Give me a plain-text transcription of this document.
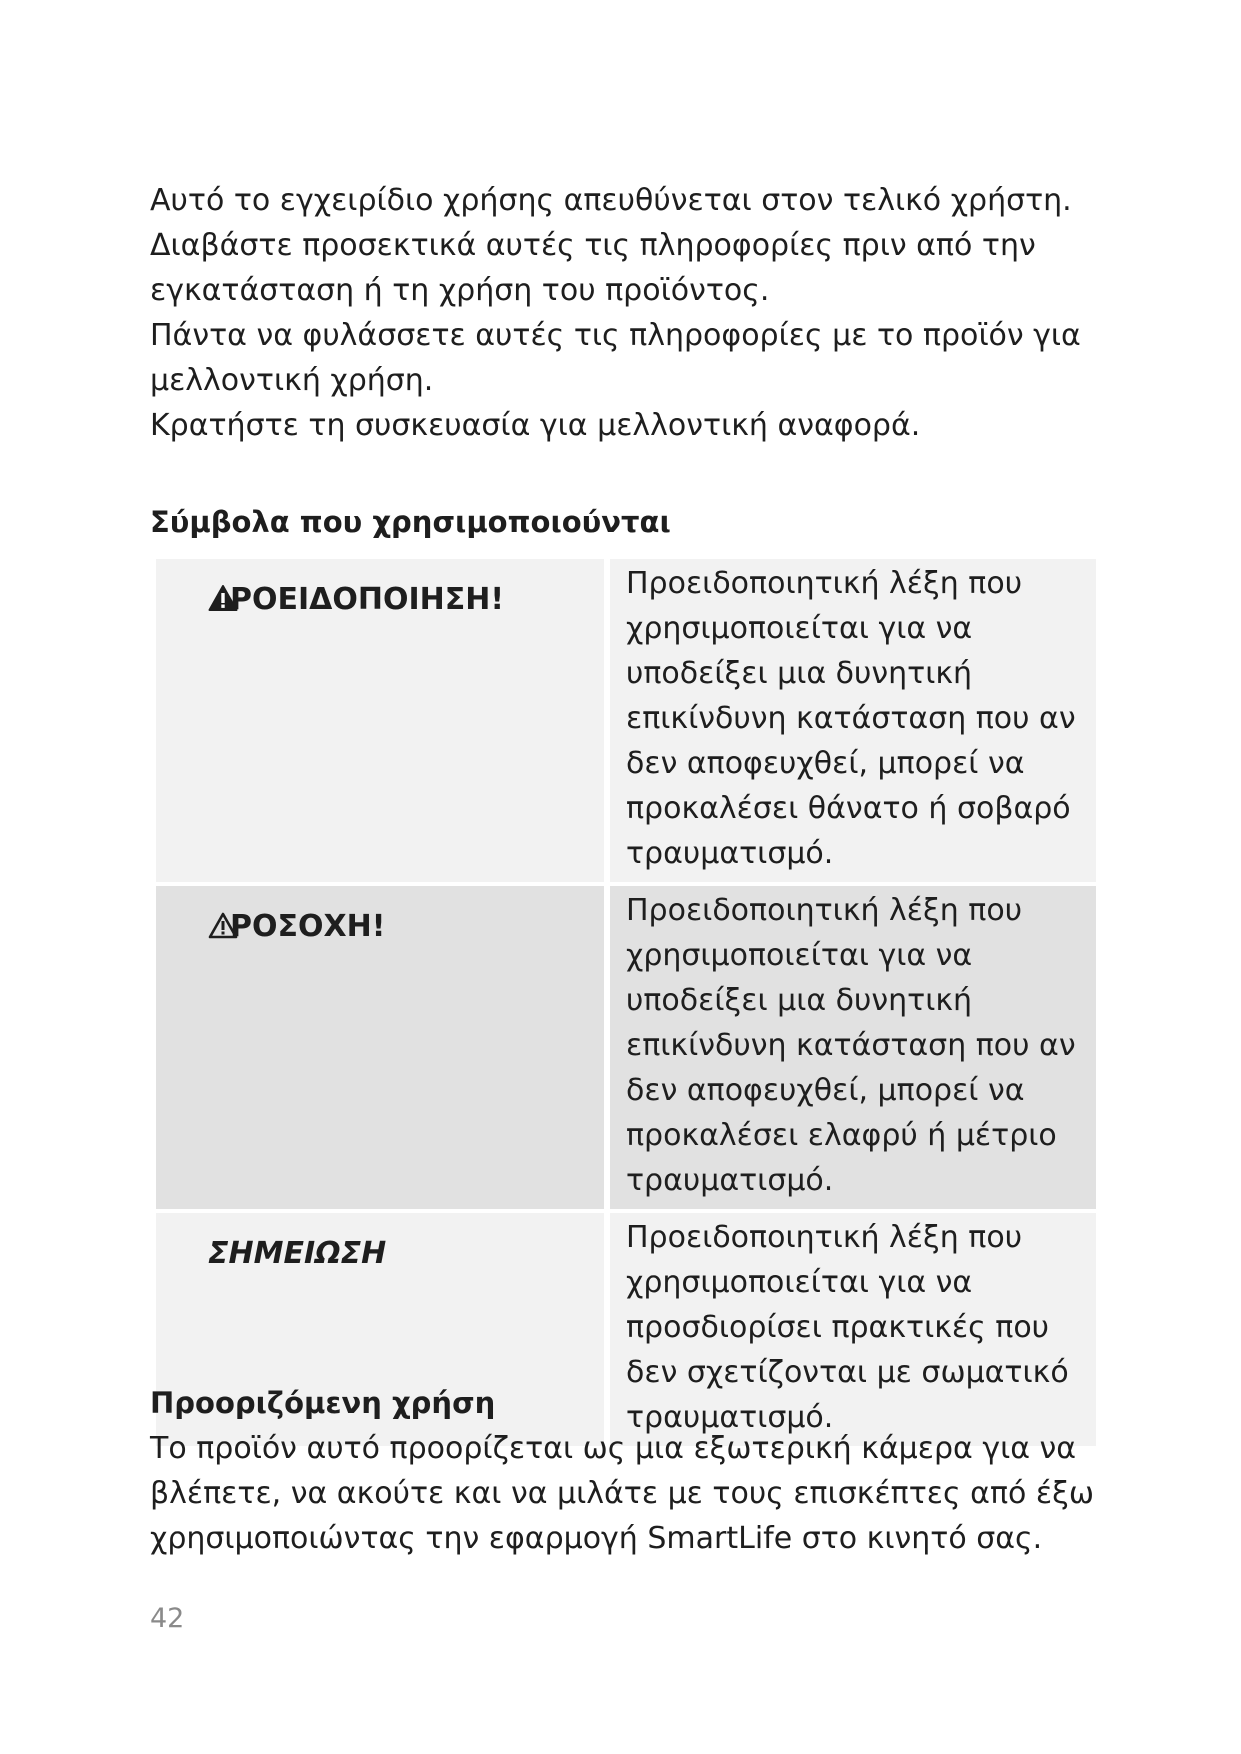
Αυτό το εγχειρίδιο χρήσης απευθύνεται στον τελικό χρήστη.

Διαβάστε προσεκτικά αυτές τις πληροφορίες πριν από την εγκατάσταση ή τη χρήση του προϊόντος.

Πάντα να φυλάσσετε αυτές τις πληροφορίες με το προϊόν για μελλοντική χρήση.

Κρατήστε τη συσκευασία για μελλοντική αναφορά.

Σύμβολα που χρησιμοποιούνται
ΡΟΕΙΔΟΠΟΙΗΣΗ!	Προειδοποιητική λέξη που χρησιμοποιείται για να υποδείξει μια δυνητική επικίνδυνη κατάσταση που αν δεν αποφευχθεί, μπορεί να προκαλέσει θάνατο ή σοβαρό τραυματισμό.
ΡΟΣΟΧΗ!	Προειδοποιητική λέξη που χρησιμοποιείται για να υποδείξει μια δυνητική επικίνδυνη κατάσταση που αν δεν αποφευχθεί, μπορεί να προκαλέσει ελαφρύ ή μέτριο τραυματισμό.
ΣΗΜΕΙΩΣΗ	Προειδοποιητική λέξη που χρησιμοποιείται για να προσδιορίσει πρακτικές που δεν σχετίζονται με σωματικό τραυματισμό.
Προοριζόμενη χρήση

Το προϊόν αυτό προορίζεται ως μια εξωτερική κάμερα για να βλέπετε, να ακούτε και να μιλάτε με τους επισκέπτες από έξω χρησιμοποιώντας την εφαρμογή SmartLife στο κινητό σας.

42
